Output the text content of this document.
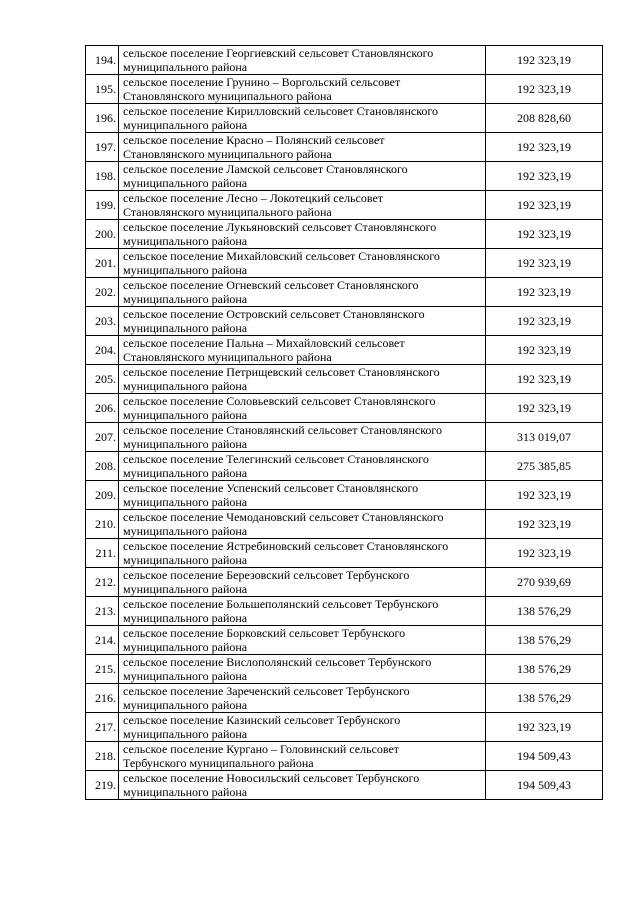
194.	сельское поселение Георгиевский сельсовет Становлянского
муниципального района	192 323,19
195.	сельское поселение Грунино – Воргольский сельсовет
Становлянского муниципального района	192 323,19
196.	сельское поселение Кирилловский сельсовет Становлянского
муниципального района	208 828,60
197.	сельское поселение Красно – Полянский сельсовет
Становлянского муниципального района	192 323,19
198.	сельское поселение Ламской сельсовет Становлянского
муниципального района	192 323,19
199.	сельское поселение Лесно – Локотецкий сельсовет
Становлянского муниципального района	192 323,19
200.	сельское поселение Лукьяновский сельсовет Становлянского
муниципального района	192 323,19
201.	сельское поселение Михайловский сельсовет Становлянского
муниципального района	192 323,19
202.	сельское поселение Огневский сельсовет Становлянского
муниципального района	192 323,19
203.	сельское поселение Островский сельсовет Становлянского
муниципального района	192 323,19
204.	сельское поселение Пальна – Михайловский сельсовет
Становлянского муниципального района	192 323,19
205.	сельское поселение Петрищевский сельсовет Становлянского
муниципального района	192 323,19
206.	сельское поселение Соловьевский сельсовет Становлянского
муниципального района	192 323,19
207.	сельское поселение Становлянский сельсовет Становлянского
муниципального района	313 019,07
208.	сельское поселение Телегинский сельсовет Становлянского
муниципального района	275 385,85
209.	сельское поселение Успенский сельсовет Становлянского
муниципального района	192 323,19
210.	сельское поселение Чемодановский сельсовет Становлянского
муниципального района	192 323,19
211.	сельское поселение Ястребиновский сельсовет Становлянского
муниципального района	192 323,19
212.	сельское поселение Березовский сельсовет Тербунского
муниципального района	270 939,69
213.	сельское поселение Большеполянский сельсовет Тербунского
муниципального района	138 576,29
214.	сельское поселение Борковский сельсовет Тербунского
муниципального района	138 576,29
215.	сельское поселение Вислополянский сельсовет Тербунского
муниципального района	138 576,29
216.	сельское поселение Зареченский сельсовет Тербунского
муниципального района	138 576,29
217.	сельское поселение Казинский сельсовет Тербунского
муниципального района	192 323,19
218.	сельское поселение Кургано – Головинский сельсовет
Тербунского муниципального района	194 509,43
219.	сельское поселение Новосильский сельсовет Тербунского
муниципального района	194 509,43
